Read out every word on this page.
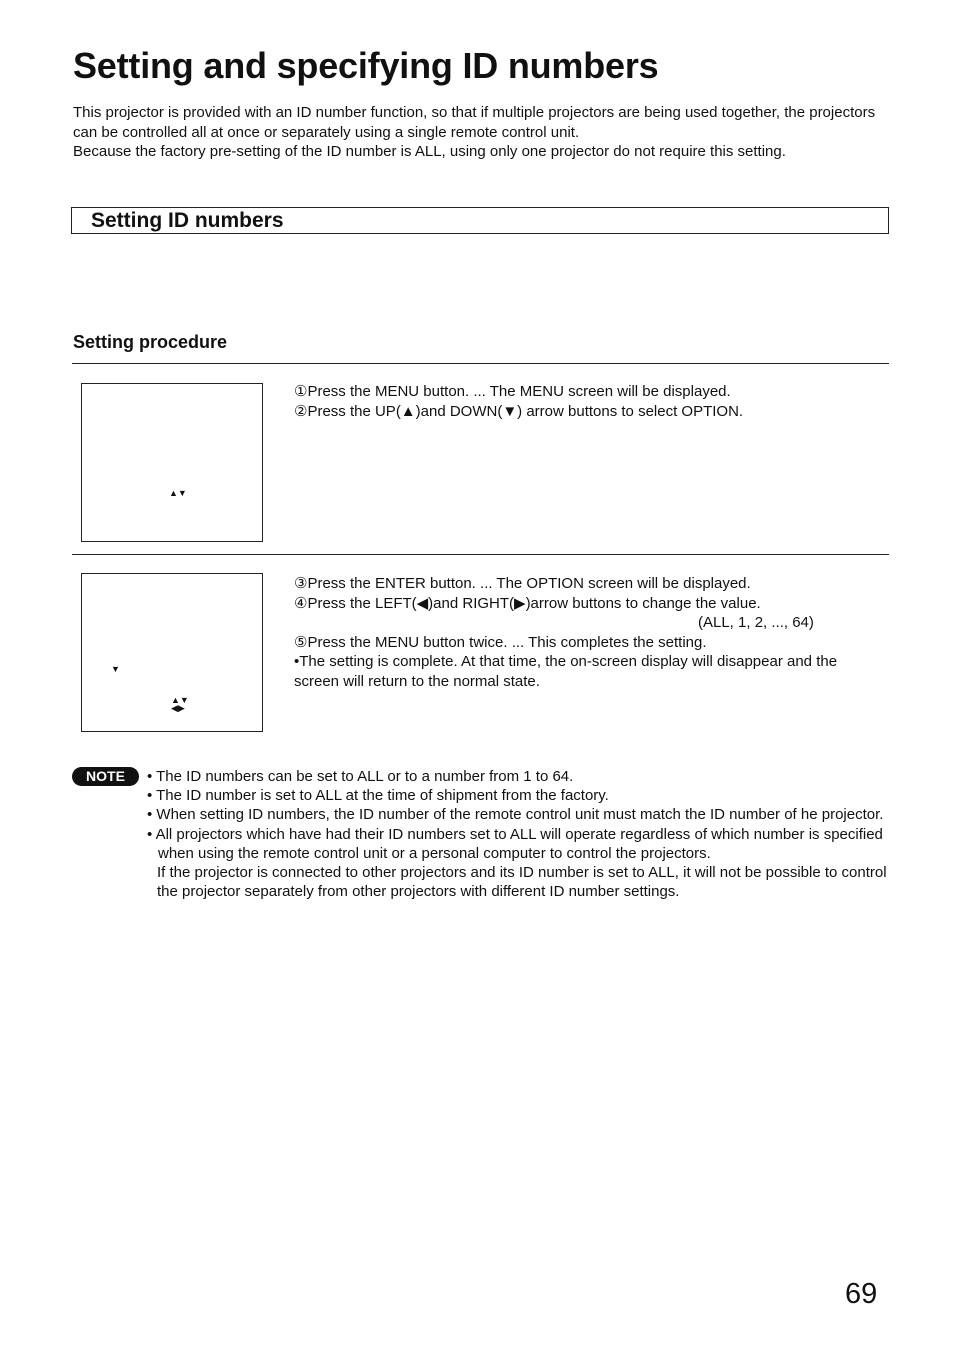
Setting and specifying ID numbers

This projector is provided with an ID number function, so that if multiple projectors are being used together, the projectors can be controlled all at once or separately using a single remote control unit.

Because the factory pre-setting of the ID number is ALL, using only one projector do not require this setting.

Setting ID numbers
Setting procedure
▲▼
①Press the MENU button. ... The MENU screen will be displayed.
②Press the UP(▲)and DOWN(▼) arrow buttons to select OPTION.
▼
▲▼
◀▶
③Press the ENTER button. ... The OPTION screen will be displayed.
④Press the LEFT(◀)and RIGHT(▶)arrow buttons to change the value.
(ALL, 1, 2, ..., 64)
⑤Press the MENU button twice. ... This completes the setting.
•The setting is complete. At that time, the on-screen display will disappear and the screen will return to the normal state.
NOTE	• The ID numbers can be set to ALL or to a number from 1 to 64.
• The ID number is set to ALL at the time of shipment from the factory.
• When setting ID numbers, the ID number of the remote control unit must match the ID number of he projector.
• All projectors which have had their ID numbers set to ALL will operate regardless of which number is specified when using the remote control unit or a personal computer to control the projectors.
If the projector is connected to other projectors and its ID number is set to ALL, it will not be possible to control the projector separately from other projectors with different ID number settings.
69
